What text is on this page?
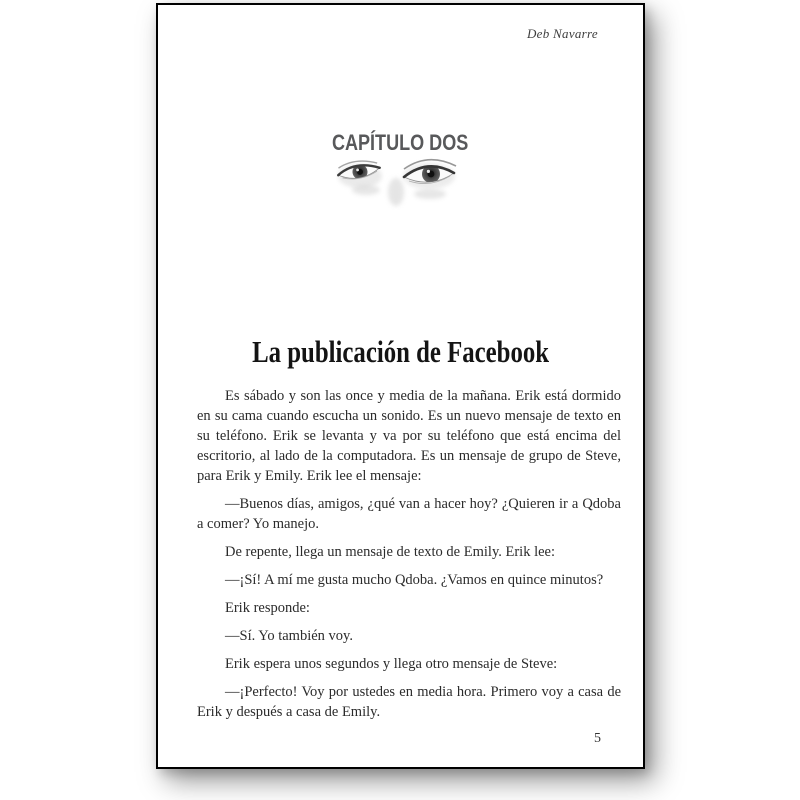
Deb Navarre
CAPÍTULO DOS
La publicación de Facebook

Es sábado y son las once y media de la mañana. Erik está dormido en su cama cuando escucha un sonido. Es un nuevo mensaje de texto en su teléfono. Erik se levanta y va por su teléfono que está encima del escritorio, al lado de la computadora. Es un mensaje de grupo de Steve, para Erik y Emily. Erik lee el mensaje:

—Buenos días, amigos, ¿qué van a hacer hoy? ¿Quieren ir a Qdoba a comer? Yo manejo.

De repente, llega un mensaje de texto de Emily. Erik lee:

—¡Sí! A mí me gusta mucho Qdoba. ¿Vamos en quince minutos?

Erik responde:

—Sí. Yo también voy.

Erik espera unos segundos y llega otro mensaje de Steve:

—¡Perfecto! Voy por ustedes en media hora. Primero voy a casa de Erik y después a casa de Emily.

5
